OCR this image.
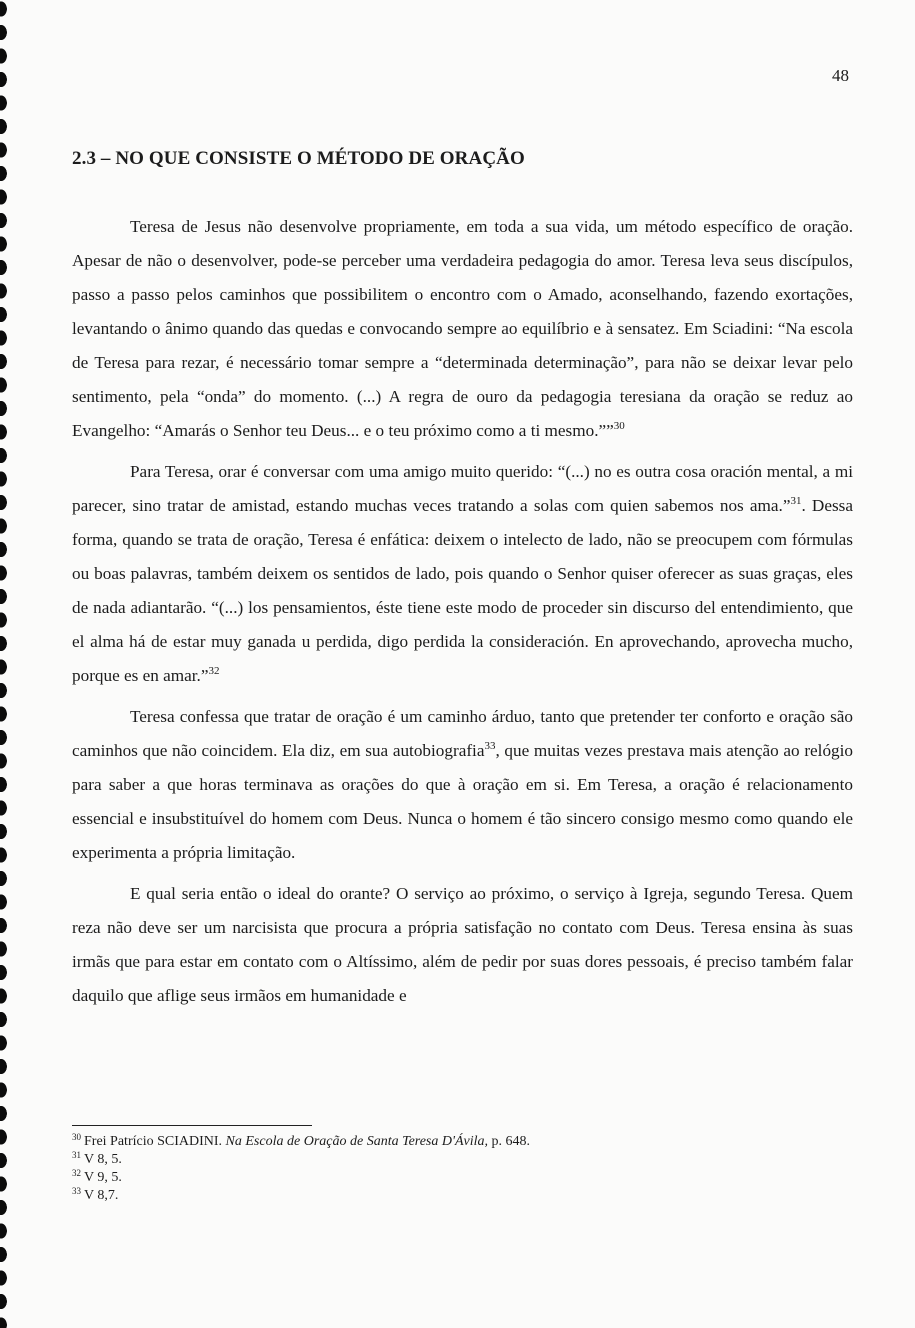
48
2.3 – NO QUE CONSISTE O MÉTODO DE ORAÇÃO

Teresa de Jesus não desenvolve propriamente, em toda a sua vida, um método específico de oração. Apesar de não o desenvolver, pode-se perceber uma verdadeira pedagogia do amor. Teresa leva seus discípulos, passo a passo pelos caminhos que possibilitem o encontro com o Amado, aconselhando, fazendo exortações, levantando o ânimo quando das quedas e convocando sempre ao equilíbrio e à sensatez. Em Sciadini: “Na escola de Teresa para rezar, é necessário tomar sempre a “determinada determinação”, para não se deixar levar pelo sentimento, pela “onda” do momento. (...) A regra de ouro da pedagogia teresiana da oração se reduz ao Evangelho: “Amarás o Senhor teu Deus... e o teu próximo como a ti mesmo.””$^{30}$

Para Teresa, orar é conversar com uma amigo muito querido: “(...) no es outra cosa oración mental, a mi parecer, sino tratar de amistad, estando muchas veces tratando a solas com quien sabemos nos ama.”$^{31}$. Dessa forma, quando se trata de oração, Teresa é enfática: deixem o intelecto de lado, não se preocupem com fórmulas ou boas palavras, também deixem os sentidos de lado, pois quando o Senhor quiser oferecer as suas graças, eles de nada adiantarão. “(...) los pensamientos, éste tiene este modo de proceder sin discurso del entendimiento, que el alma há de estar muy ganada u perdida, digo perdida la consideración. En aprovechando, aprovecha mucho, porque es en amar.”$^{32}$

Teresa confessa que tratar de oração é um caminho árduo, tanto que pretender ter conforto e oração são caminhos que não coincidem. Ela diz, em sua autobiografia$^{33}$, que muitas vezes prestava mais atenção ao relógio para saber a que horas terminava as orações do que à oração em si. Em Teresa, a oração é relacionamento essencial e insubstituível do homem com Deus. Nunca o homem é tão sincero consigo mesmo como quando ele experimenta a própria limitação.

E qual seria então o ideal do orante? O serviço ao próximo, o serviço à Igreja, segundo Teresa. Quem reza não deve ser um narcisista que procura a própria satisfação no contato com Deus. Teresa ensina às suas irmãs que para estar em contato com o Altíssimo, além de pedir por suas dores pessoais, é preciso também falar daquilo que aflige seus irmãos em humanidade e

$^{30}$ Frei Patrício SCIADINI. Na Escola de Oração de Santa Teresa D'Ávila, p. 648.
$^{31}$ V 8, 5.
$^{32}$ V 9, 5.
$^{33}$ V 8,7.
